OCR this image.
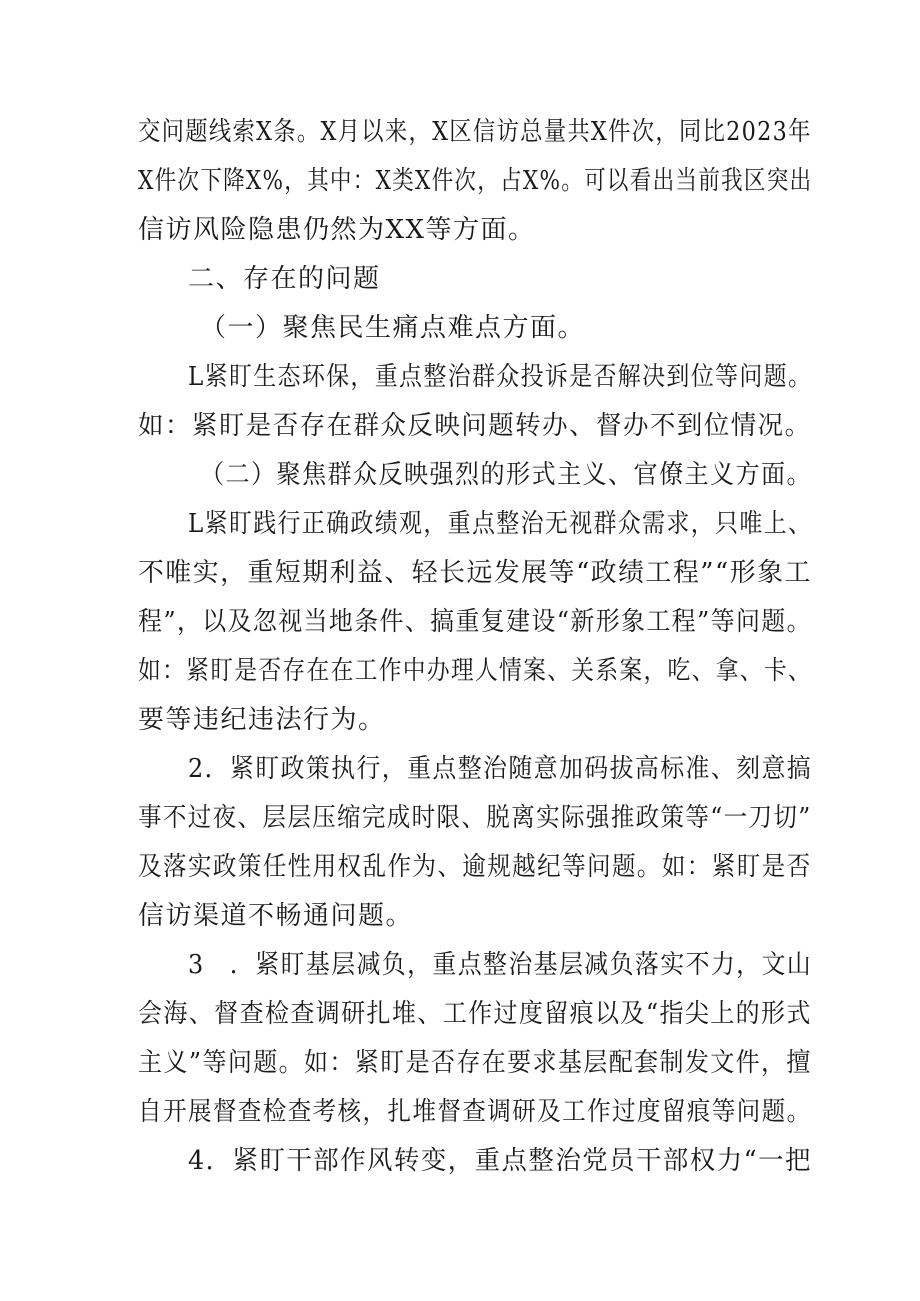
交问题线索X条。X月以来，X区信访总量共X件次，同比2023年
X件次下降X%，其中：X类X件次，占X%。可以看出当前我区突出
信访风险隐患仍然为XX等方面。
二、存在的问题
（一）聚焦民生痛点难点方面。
L紧盯生态环保，重点整治群众投诉是否解决到位等问题。
如：紧盯是否存在群众反映问题转办、督办不到位情况。
（二）聚焦群众反映强烈的形式主义、官僚主义方面。
L紧盯践行正确政绩观，重点整治无视群众需求，只唯上、
不唯实，重短期利益、轻长远发展等“政绩工程”“形象工
程”，以及忽视当地条件、搞重复建设“新形象工程”等问题。
如：紧盯是否存在在工作中办理人情案、关系案，吃、拿、卡、
要等违纪违法行为。
2．紧盯政策执行，重点整治随意加码拔高标准、刻意搞
事不过夜、层层压缩完成时限、脱离实际强推政策等“一刀切”
及落实政策任性用权乱作为、逾规越纪等问题。如：紧盯是否
信访渠道不畅通问题。
3　．紧盯基层减负，重点整治基层减负落实不力，文山
会海、督查检查调研扎堆、工作过度留痕以及“指尖上的形式
主义”等问题。如：紧盯是否存在要求基层配套制发文件，擅
自开展督查检查考核，扎堆督查调研及工作过度留痕等问题。
4．紧盯干部作风转变，重点整治党员干部权力“一把
